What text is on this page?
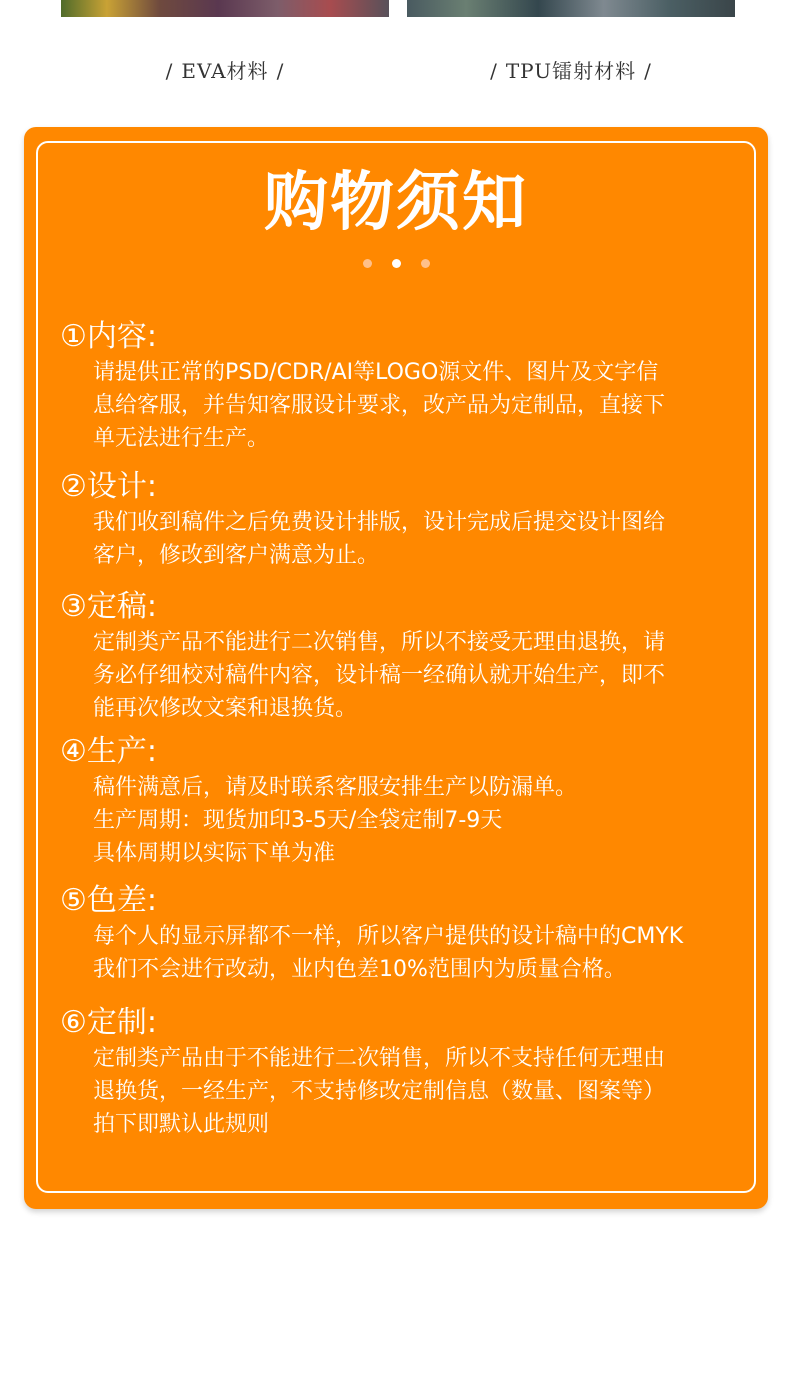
/ EVA材料 /	/ TPU镭射材料 /
购物须知
①内容:
请提供正常的PSD/CDR/AI等LOGO源文件、图片及文字信
息给客服，并告知客服设计要求，改产品为定制品，直接下
单无法进行生产。
②设计:
我们收到稿件之后免费设计排版，设计完成后提交设计图给
客户，修改到客户满意为止。
③定稿:
定制类产品不能进行二次销售，所以不接受无理由退换，请
务必仔细校对稿件内容，设计稿一经确认就开始生产，即不
能再次修改文案和退换货。
④生产:
稿件满意后，请及时联系客服安排生产以防漏单。
生产周期：现货加印3-5天/全袋定制7-9天
具体周期以实际下单为准
⑤色差:
每个人的显示屏都不一样，所以客户提供的设计稿中的CMYK
我们不会进行改动，业内色差10%范围内为质量合格。
⑥定制:
定制类产品由于不能进行二次销售，所以不支持任何无理由
退换货，一经生产，不支持修改定制信息（数量、图案等）
拍下即默认此规则
